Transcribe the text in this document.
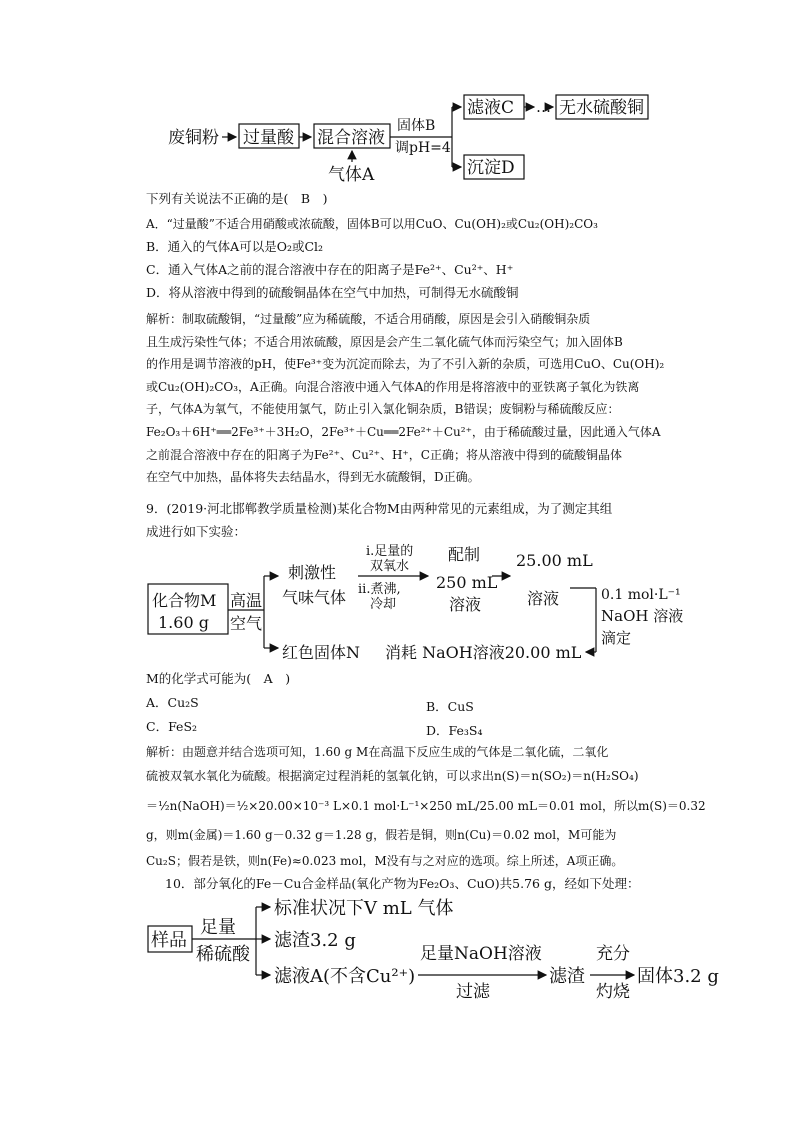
废铜粉 过量酸 混合溶液
气体A
固体B
调pH=4
滤液C … 无水硫酸铜
沉淀D
下列有关说法不正确的是(　B　)
A．“过量酸”不适合用硝酸或浓硫酸，固体B可以用CuO、Cu(OH)₂或Cu₂(OH)₂CO₃
B．通入的气体A可以是O₂或Cl₂
C．通入气体A之前的混合溶液中存在的阳离子是Fe²⁺、Cu²⁺、H⁺
D．将从溶液中得到的硫酸铜晶体在空气中加热，可制得无水硫酸铜
解析：制取硫酸铜，“过量酸”应为稀硫酸，不适合用硝酸，原因是会引入硝酸铜杂质
且生成污染性气体；不适合用浓硫酸，原因是会产生二氧化硫气体而污染空气；加入固体B
的作用是调节溶液的pH，使Fe³⁺变为沉淀而除去，为了不引入新的杂质，可选用CuO、Cu(OH)₂
或Cu₂(OH)₂CO₃，A正确。向混合溶液中通入气体A的作用是将溶液中的亚铁离子氧化为铁离
子，气体A为氧气，不能使用氯气，防止引入氯化铜杂质，B错误；废铜粉与稀硫酸反应：
Fe₂O₃＋6H⁺══2Fe³⁺＋3H₂O，2Fe³⁺＋Cu══2Fe²⁺＋Cu²⁺，由于稀硫酸过量，因此通入气体A
之前混合溶液中存在的阳离子为Fe²⁺、Cu²⁺、H⁺，C正确；将从溶液中得到的硫酸铜晶体
在空气中加热，晶体将失去结晶水，得到无水硫酸铜，D正确。
9．(2019·河北邯郸教学质量检测)某化合物M由两种常见的元素组成，为了测定其组
成进行如下实验：
化合物M
1.60 g
高温
空气
刺激性
气味气体
i.足量的
双氧水
ii.煮沸,
冷却
配制
250 mL
溶液
25.00 mL
溶液	0.1 mol·L⁻¹
NaOH 溶液
滴定
红色固体N 消耗 NaOH溶液20.00 mL
M的化学式可能为(　A　)
A．Cu₂S	B．CuS
C．FeS₂	D．Fe₃S₄
解析：由题意并结合选项可知，1.60 g M在高温下反应生成的气体是二氧化硫，二氧化
硫被双氧水氧化为硫酸。根据滴定过程消耗的氢氧化钠，可以求出n(S)＝n(SO₂)＝n(H₂SO₄)
＝½n(NaOH)＝½×20.00×10⁻³ L×0.1 mol·L⁻¹×250 mL/25.00 mL＝0.01 mol，所以m(S)＝0.32
g，则m(金属)＝1.60 g－0.32 g＝1.28 g，假若是铜，则n(Cu)＝0.02 mol，M可能为
Cu₂S；假若是铁，则n(Fe)≈0.023 mol，M没有与之对应的选项。综上所述，A项正确。
10．部分氧化的Fe－Cu合金样品(氧化产物为Fe₂O₃、CuO)共5.76 g，经如下处理：
样品
足量
稀硫酸
标准状况下V mL 气体
滤渣3.2 g
滤液A(不含Cu²⁺)
足量NaOH溶液
过滤
滤渣
充分
灼烧
固体3.2 g
